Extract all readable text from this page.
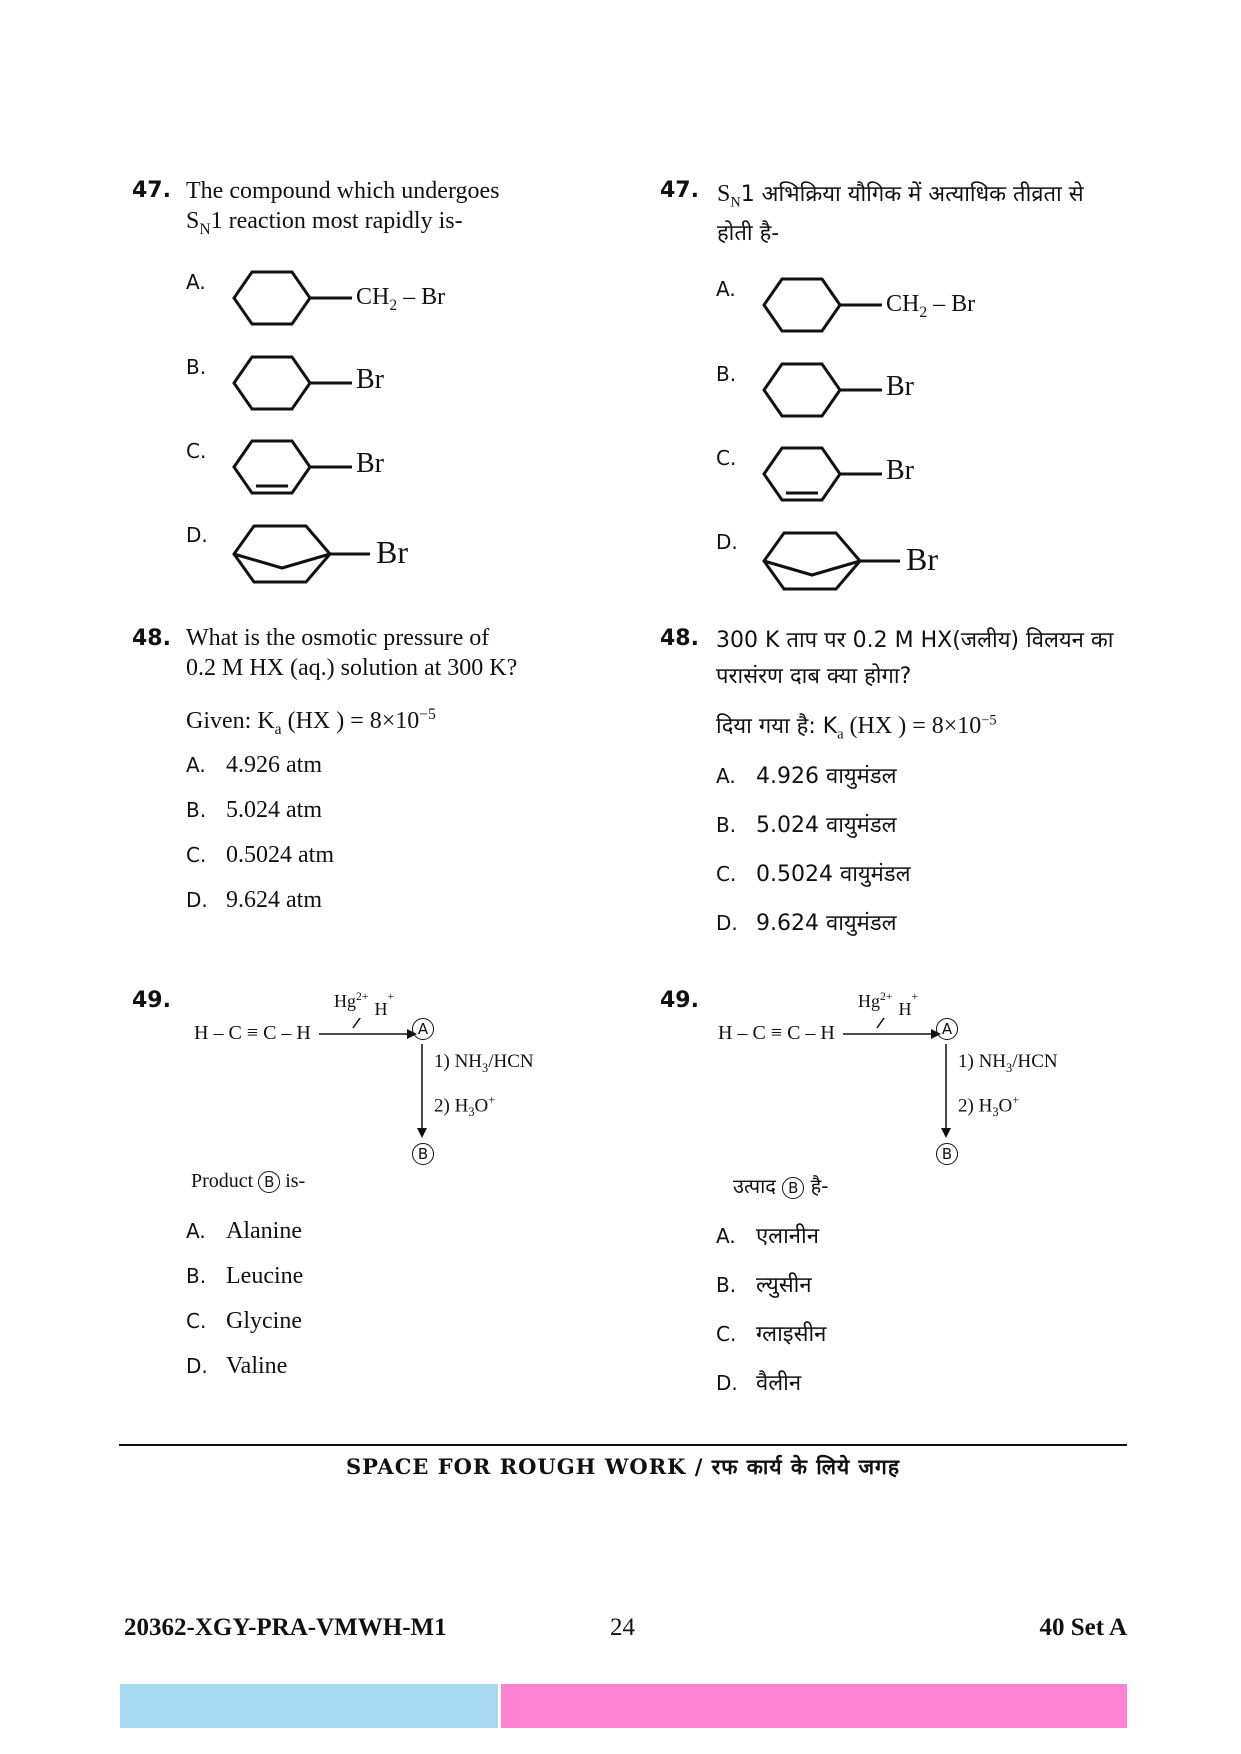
47. The compound which undergoes
$S_N1$ reaction most rapidly is-
47. $S_N1$ अभिक्रिया यौगिक में अत्याधिक तीव्रता से
होती है-
A.
B.
C.
D.
A.
B.
C.
D.
$CH_2$ – Br
Br
Br
Br
$CH_2$ – Br
Br
Br
Br
48. What is the osmotic pressure of
0.2 M HX (aq.) solution at 300 K?
Given: $K_a$ (HX ) = $8\times 10^{-5}$
A. 4.926 atm
B. 5.024 atm
C. 0.5024 atm
D. 9.624 atm
48. 300 K ताप पर 0.2 M HX(जलीय) विलयन का
परासंरण दाब क्या होगा?
दिया गया है: $K_a$ (HX ) = $8\times 10^{-5}$
A. 4.926 वायुमंडल
B. 5.024 वायुमंडल
C. 0.5024 वायुमंडल
D. 9.624 वायुमंडल
49.
H – C ≡ C – H
$Hg^{2+}H^+$
A
1) $NH_3$/HCN
2) $H_3O^+$
B
Product B is-
A. Alanine
B. Leucine
C. Glycine
D. Valine
49.
H – C ≡ C – H
$Hg^{2+}H^+$
A
1) $NH_3$/HCN
2) $H_3O^+$
B
उत्पाद B है-
A. एलानीन
B. ल्युसीन
C. ग्लाइसीन
D. वैलीन
SPACE FOR ROUGH WORK / रफ कार्य के लिये जगह
20362-XGY-PRA-VMWH-M1	24	40 Set A
